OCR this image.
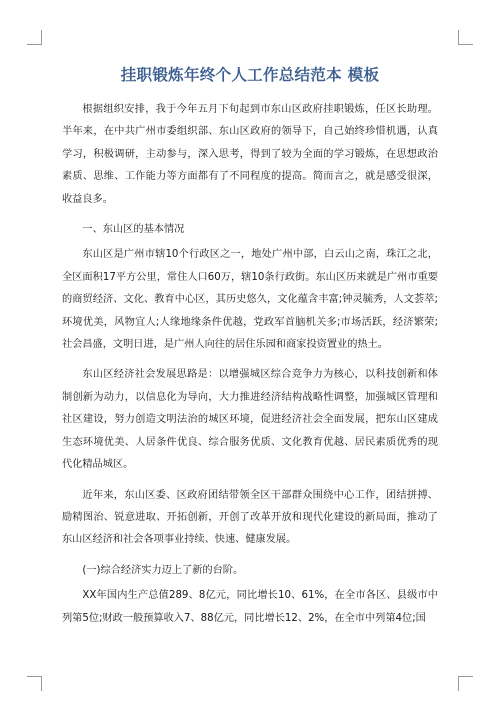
挂职锻炼年终个人工作总结范本 模板

根据组织安排，我于今年五月下旬起到市东山区政府挂职锻炼，任区长助理。半年来，在中共广州市委组织部、东山区政府的领导下，自己始终珍惜机遇，认真学习，积极调研，主动参与，深入思考，得到了较为全面的学习锻炼，在思想政治素质、思维、工作能力等方面都有了不同程度的提高。简而言之，就是感受很深，收益良多。

一、东山区的基本情况

东山区是广州市辖10个行政区之一，地处广州中部，白云山之南，珠江之北，全区面积17平方公里，常住人口60万，辖10条行政街。东山区历来就是广州市重要的商贸经济、文化、教育中心区，其历史悠久，文化蕴含丰富;钟灵毓秀，人文荟萃;环境优美，风物宜人;人缘地缘条件优越，党政军首脑机关多;市场活跃，经济繁荣;社会昌盛，文明日进，是广州人向往的居住乐园和商家投资置业的热土。

东山区经济社会发展思路是：以增强城区综合竞争力为核心，以科技创新和体制创新为动力，以信息化为导向，大力推进经济结构战略性调整，加强城区管理和社区建设，努力创造文明法治的城区环境，促进经济社会全面发展，把东山区建成生态环境优美、人居条件优良、综合服务优质、文化教育优越、居民素质优秀的现代化精品城区。

近年来，东山区委、区政府团结带领全区干部群众围绕中心工作，团结拼搏、励精图治、锐意进取、开拓创新，开创了改革开放和现代化建设的新局面，推动了东山区经济和社会各项事业持续、快速、健康发展。

(一)综合经济实力迈上了新的台阶。

XX年国内生产总值289、8亿元，同比增长10、61%，在全市各区、县级市中列第5位;财政一般预算收入7、88亿元，同比增长12、2%，在全市中列第4位;国
